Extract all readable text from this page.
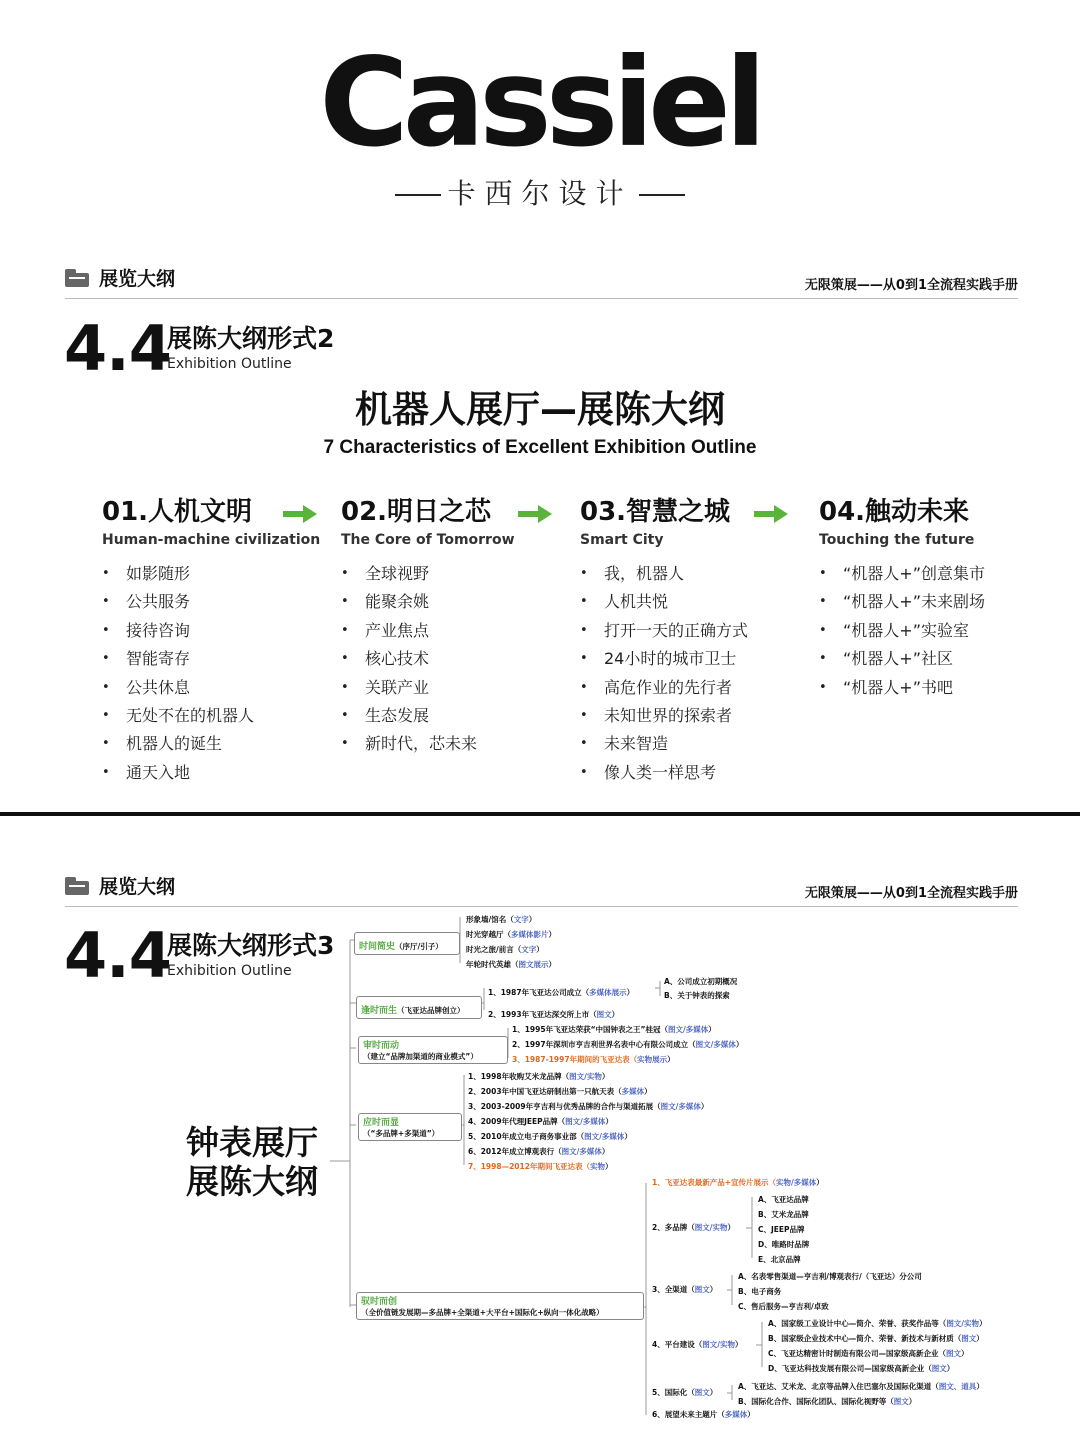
Cassiel
卡西尔设计
展览大纲	无限策展——从0到1全流程实践手册
4.4
展陈大纲形式2
Exhibition Outline
机器人展厅—展陈大纲
7 Characteristics of Excellent Exhibition Outline
01.人机文明
Human-machine civilization
• 如影随形
• 公共服务
• 接待咨询
• 智能寄存
• 公共休息
• 无处不在的机器人
• 机器人的诞生
• 通天入地
02.明日之芯
The Core of Tomorrow
• 全球视野
• 能聚余姚
• 产业焦点
• 核心技术
• 关联产业
• 生态发展
• 新时代，芯未来
03.智慧之城
Smart City
• 我，机器人
• 人机共悦
• 打开一天的正确方式
• 24小时的城市卫士
• 高危作业的先行者
• 未知世界的探索者
• 未来智造
• 像人类一样思考
04.触动未来
Touching the future
• “机器人+”创意集市
• “机器人+”未来剧场
• “机器人+”实验室
• “机器人+”社区
• “机器人+”书吧
展览大纲	无限策展——从0到1全流程实践手册
4.4
展陈大纲形式3
Exhibition Outline
钟表展厅
展陈大纲
时间简史（序厅/引子）
形象墙/馆名（文字）
时光穿越厅（多媒体影片）
时光之旅/前言（文字）
年轮时代英雄（图文展示）
逢时而生（飞亚达品牌创立）
1、1987年飞亚达公司成立（多媒体展示）
2、1993年飞亚达深交所上市（图文）
A、公司成立初期概况
B、关于钟表的探索
审时而动
（建立“品牌加渠道的商业模式”）
1、1995年飞亚达荣获“中国钟表之王”桂冠（图文/多媒体）
2、1997年深圳市亨吉利世界名表中心有限公司成立（图文/多媒体）
3、1987-1997年期间的飞亚达表（实物展示）
应时而显
（“多品牌+多渠道”）
1、1998年收购艾米龙品牌（图文/实物）
2、2003年中国飞亚达研制出第一只航天表（多媒体）
3、2003-2009年亨吉利与优秀品牌的合作与渠道拓展（图文/多媒体）
4、2009年代理JEEP品牌（图文/多媒体）
5、2010年成立电子商务事业部（图文/多媒体）
6、2012年成立博观表行（图文/多媒体）
7、1998—2012年期间飞亚达表（实物）
驭时而创
（全价值链发展期—多品牌+全渠道+大平台+国际化+纵向一体化战略）
1、飞亚达表最新产品+宣传片展示（实物/多媒体）
2、多品牌（图文/实物）
3、全渠道（图文）
4、平台建设（图文/实物）
5、国际化（图文）
6、展望未来主题片（多媒体）
A、飞亚达品牌
B、艾米龙品牌
C、JEEP品牌
D、唯路时品牌
E、北京品牌
A、名表零售渠道—亨吉利/博观表行/（飞亚达）分公司
B、电子商务
C、售后服务—亨吉利/卓致
A、国家级工业设计中心—简介、荣誉、获奖作品等（图文/实物）
B、国家级企业技术中心—简介、荣誉、新技术与新材质（图文）
C、飞亚达精密计时制造有限公司—国家级高新企业（图文）
D、飞亚达科技发展有限公司—国家级高新企业（图文）
A、飞亚达、艾米龙、北京等品牌入住巴塞尔及国际化渠道（图文、道具）
B、国际化合作、国际化团队、国际化视野等（图文）
